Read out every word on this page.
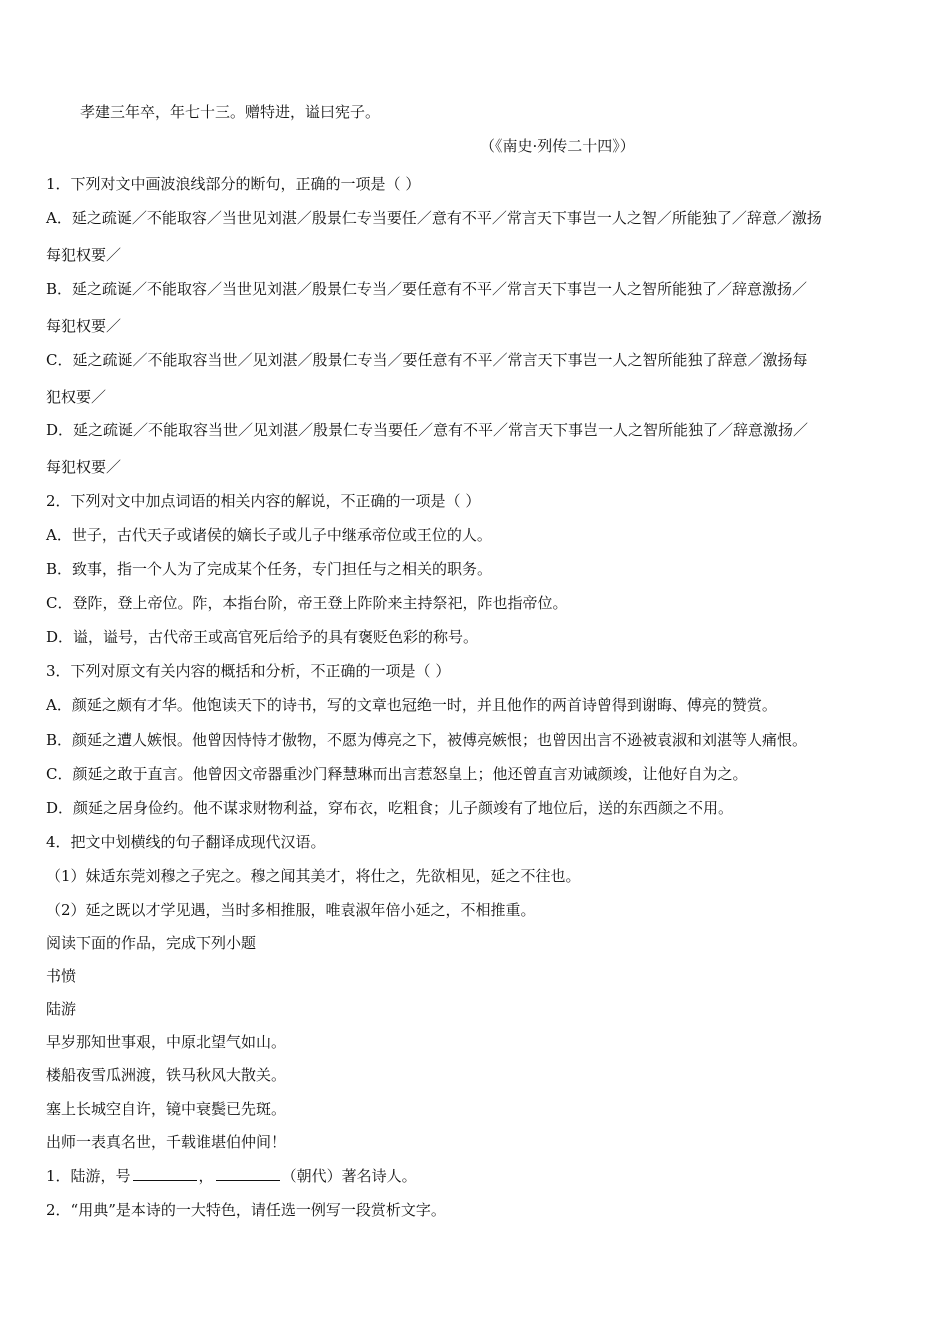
孝建三年卒，年七十三。赠特进，谥曰宪子。
（《南史·列传二十四》）
1．下列对文中画波浪线部分的断句，正确的一项是（ ）
A．延之疏诞／不能取容／当世见刘湛／殷景仁专当要任／意有不平／常言天下事岂一人之智／所能独了／辞意／激扬
每犯权要／
B．延之疏诞／不能取容／当世见刘湛／殷景仁专当／要任意有不平／常言天下事岂一人之智所能独了／辞意激扬／
每犯权要／
C．延之疏诞／不能取容当世／见刘湛／殷景仁专当／要任意有不平／常言天下事岂一人之智所能独了辞意／激扬每
犯权要／
D．延之疏诞／不能取容当世／见刘湛／殷景仁专当要任／意有不平／常言天下事岂一人之智所能独了／辞意激扬／
每犯权要／
2．下列对文中加点词语的相关内容的解说，不正确的一项是（ ）
A．世子，古代天子或诸侯的嫡长子或儿子中继承帝位或王位的人。
B．致事，指一个人为了完成某个任务，专门担任与之相关的职务。
C．登阼，登上帝位。阼，本指台阶，帝王登上阼阶来主持祭祀，阼也指帝位。
D．谥，谥号，古代帝王或高官死后给予的具有褒贬色彩的称号。
3．下列对原文有关内容的概括和分析，不正确的一项是（ ）
A．颜延之颇有才华。他饱读天下的诗书，写的文章也冠绝一时，并且他作的两首诗曾得到谢晦、傅亮的赞赏。
B．颜延之遭人嫉恨。他曾因恃恃才傲物，不愿为傅亮之下，被傅亮嫉恨；也曾因出言不逊被袁淑和刘湛等人痛恨。
C．颜延之敢于直言。他曾因文帝器重沙门释慧琳而出言惹怒皇上；他还曾直言劝诫颜竣，让他好自为之。
D．颜延之居身俭约。他不谋求财物利益，穿布衣，吃粗食；儿子颜竣有了地位后，送的东西颜之不用。
4．把文中划横线的句子翻译成现代汉语。
（1）妹适东莞刘穆之子宪之。穆之闻其美才，将仕之，先欲相见，延之不往也。
（2）延之既以才学见遇，当时多相推服，唯袁淑年倍小延之，不相推重。
阅读下面的作品，完成下列小题
书愤
陆游
早岁那知世事艰，中原北望气如山。
楼船夜雪瓜洲渡，铁马秋风大散关。
塞上长城空自许，镜中衰鬓已先斑。
出师一表真名世，千载谁堪伯仲间！
1．陆游，号	，	（朝代）著名诗人。
2．“用典”是本诗的一大特色，请任选一例写一段赏析文字。
